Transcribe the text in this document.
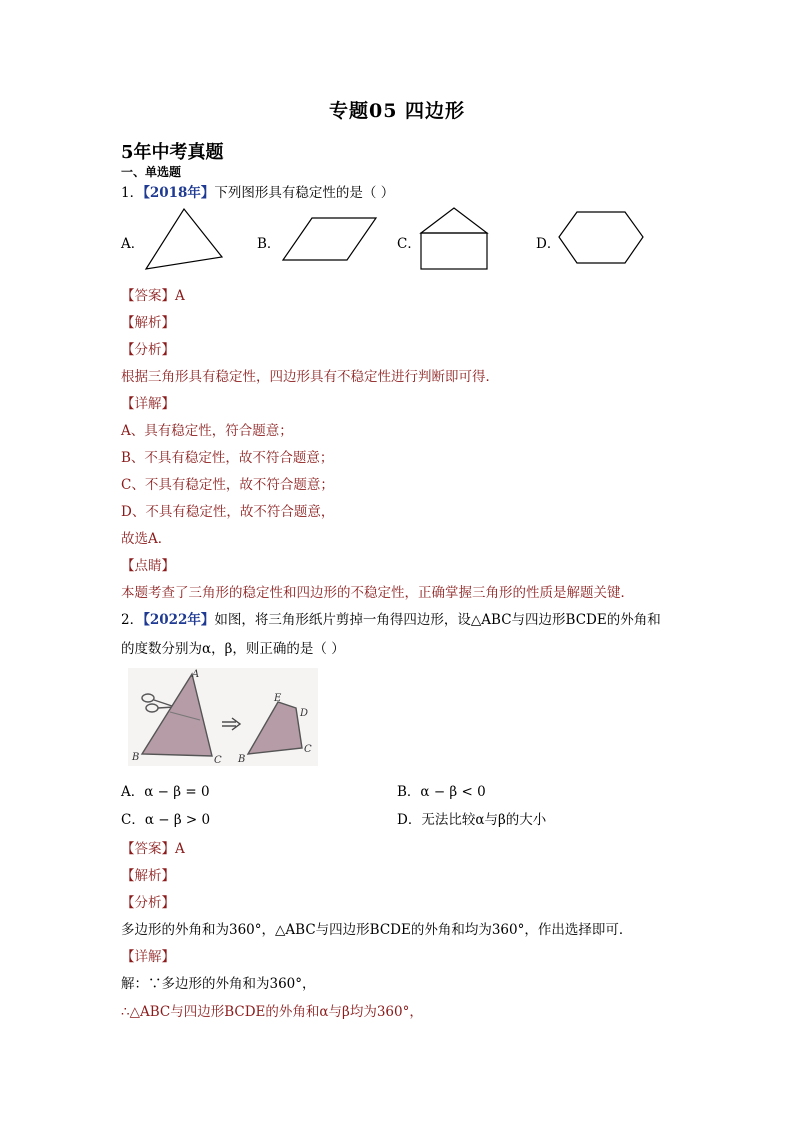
专题05 四边形
5年中考真题
一、单选题
1．【2018年】下列图形具有稳定性的是（ ）
A．	B．	C．	D．
【答案】A
【解析】
【分析】
根据三角形具有稳定性，四边形具有不稳定性进行判断即可得．
【详解】
A、具有稳定性，符合题意；
B、不具有稳定性，故不符合题意；
C、不具有稳定性，故不符合题意；
D、不具有稳定性，故不符合题意，
故选A．
【点睛】
本题考查了三角形的稳定性和四边形的不稳定性，正确掌握三角形的性质是解题关键．
2．【2022年】如图，将三角形纸片剪掉一角得四边形，设△ABC与四边形BCDE的外角和
的度数分别为α，β，则正确的是（ ）
A
B	C
E
D
B
C
A．α − β = 0	B．α − β < 0
C．α − β > 0	D．无法比较α与β的大小
【答案】A
【解析】
【分析】
多边形的外角和为360°，△ABC与四边形BCDE的外角和均为360°，作出选择即可．
【详解】
解：∵多边形的外角和为360°，
∴△ABC与四边形BCDE的外角和α与β均为360°，
